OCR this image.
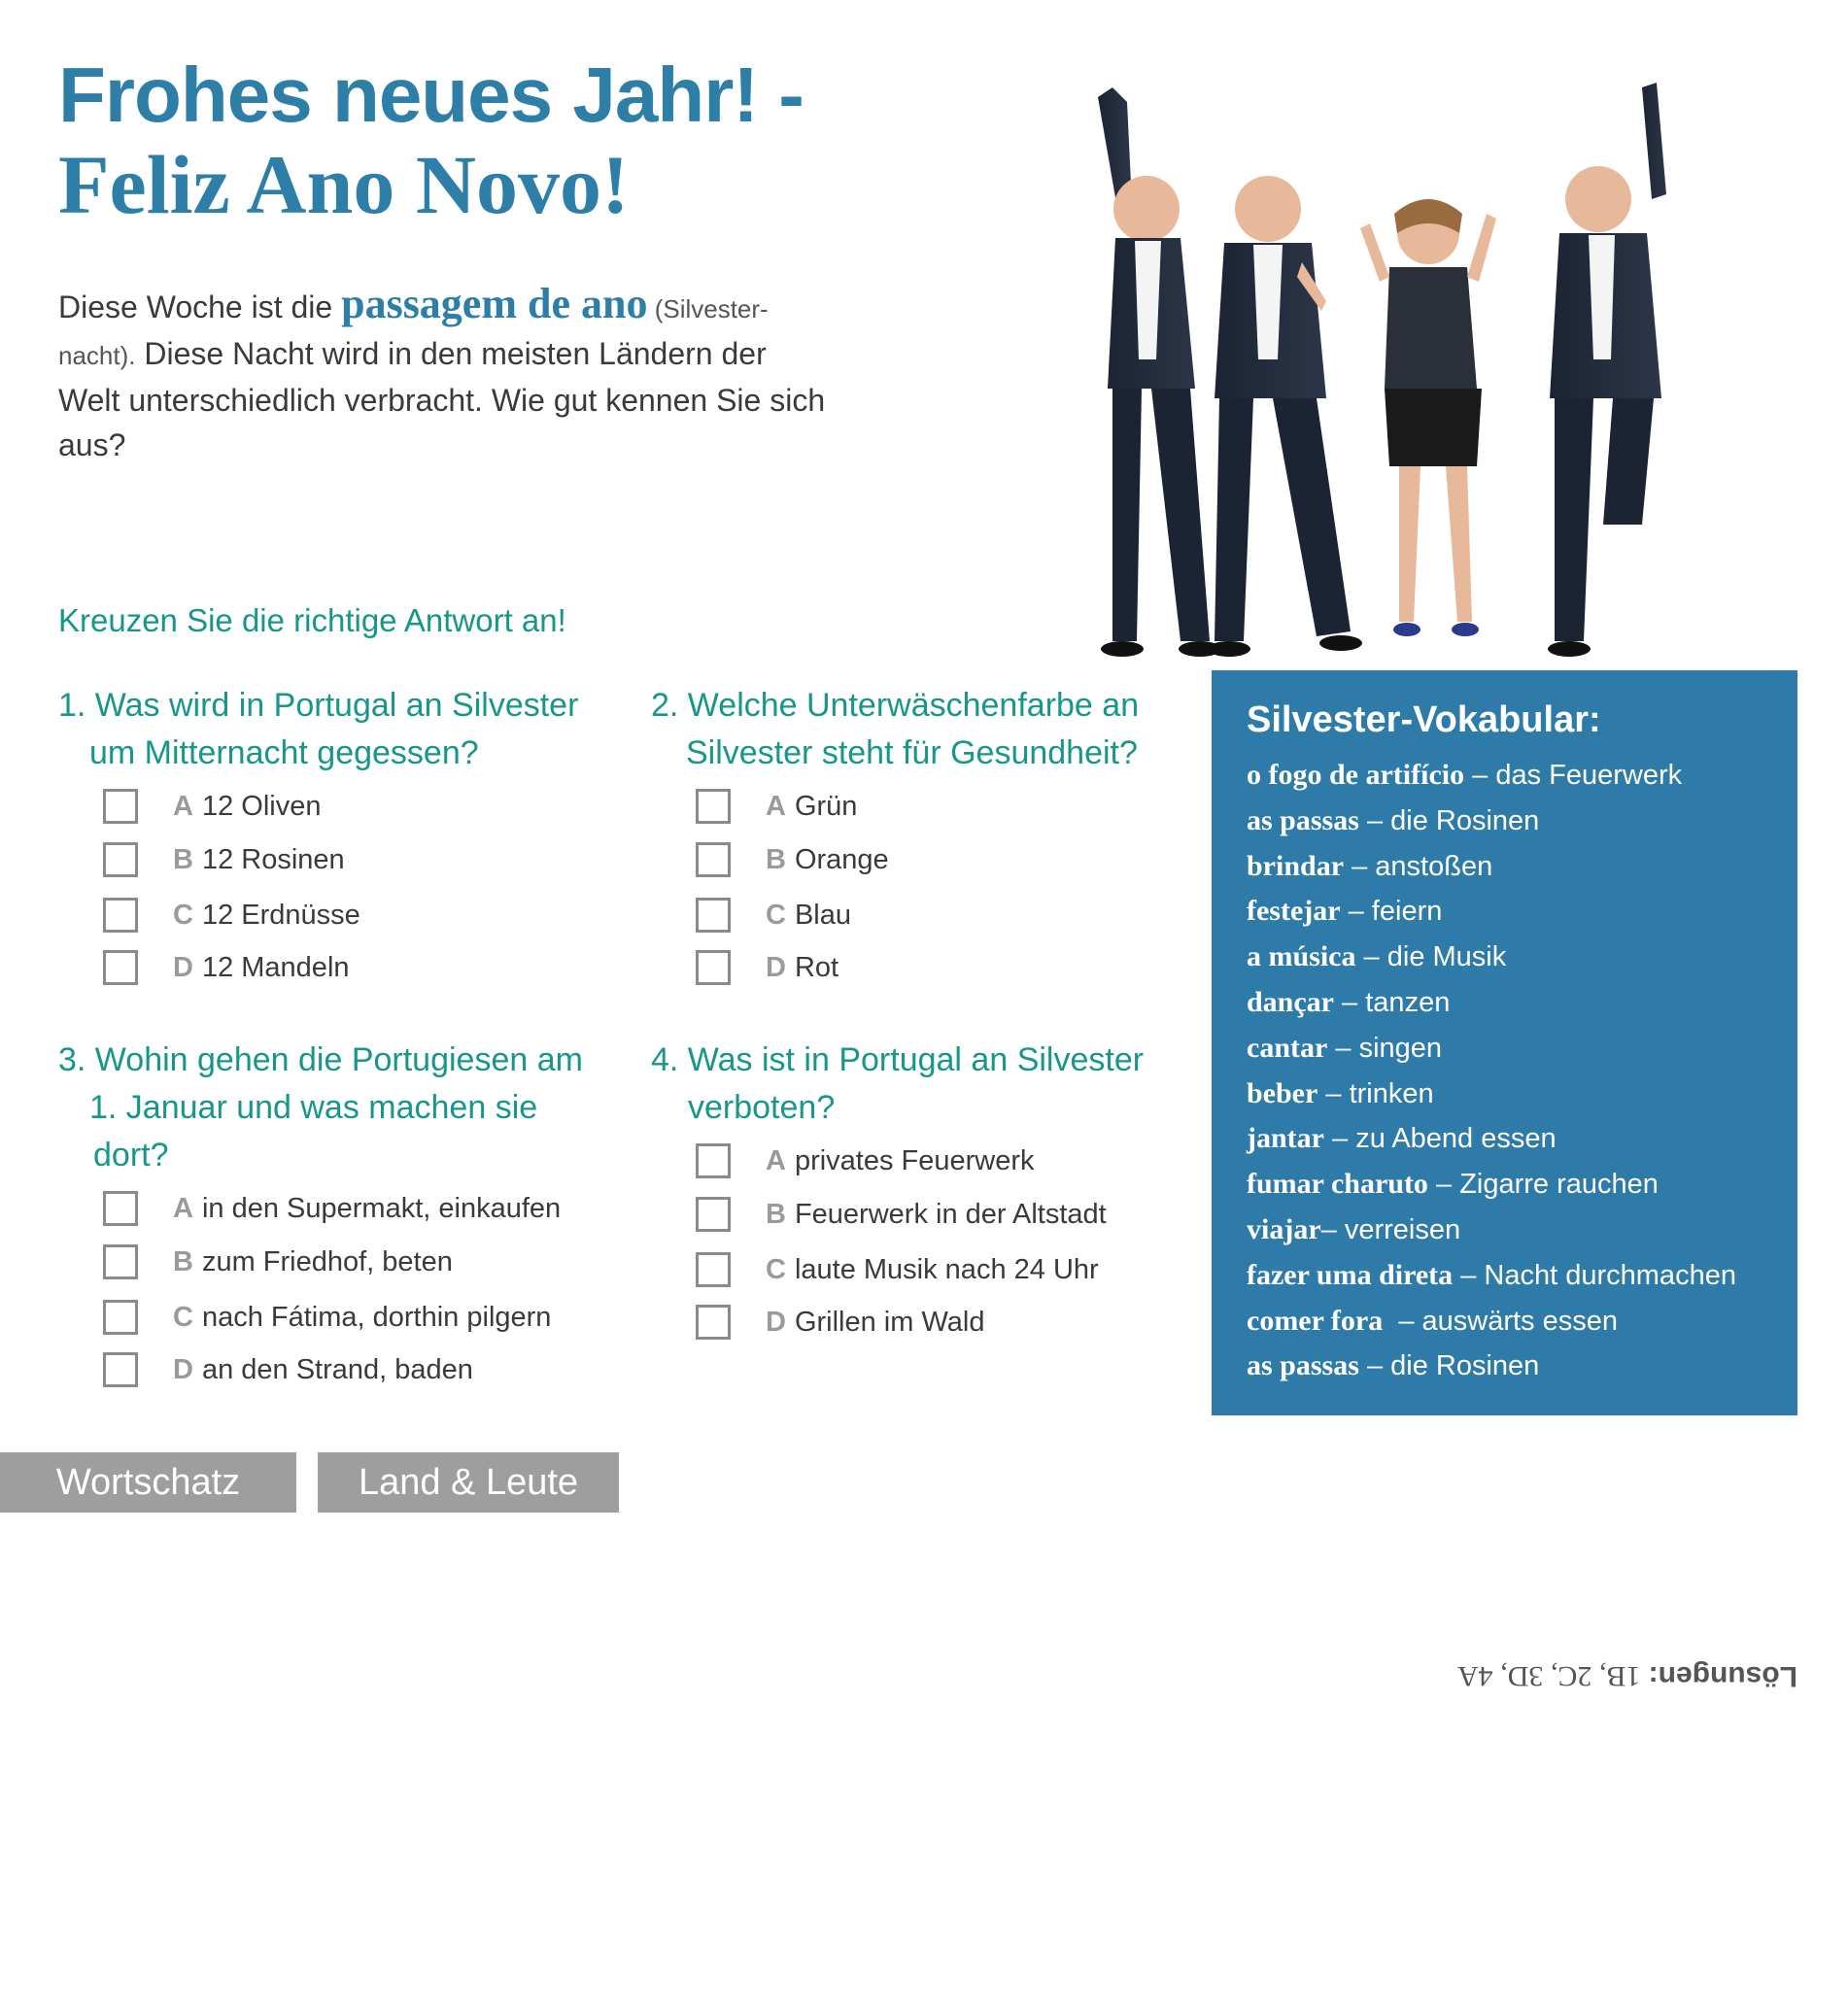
Frohes neues Jahr! -
Feliz Ano Novo!
Diese Woche ist die passagem de ano (Silvester-nacht). Diese Nacht wird in den meisten Ländern der Welt unterschiedlich verbracht. Wie gut kennen Sie sich aus?
Kreuzen Sie die richtige Antwort an!
1. Was wird in Portugal an Silvester
um Mitternacht gegessen?
A 12 Oliven
B 12 Rosinen
C 12 Erdnüsse
D 12 Mandeln
2. Welche Unterwäschenfarbe an
Silvester steht für Gesundheit?
A Grün
B Orange
C Blau
D Rot
3. Wohin gehen die Portugiesen am
1. Januar und was machen sie
dort?
A in den Supermakt, einkaufen
B zum Friedhof, beten
C nach Fátima, dorthin pilgern
D an den Strand, baden
4. Was ist in Portugal an Silvester
verboten?
A privates Feuerwerk
B Feuerwerk in der Altstadt
C laute Musik nach 24 Uhr
D Grillen im Wald
Silvester-Vokabular:
o fogo de artifício – das Feuerwerk
as passas – die Rosinen
brindar – anstoßen
festejar – feiern
a música – die Musik
dançar – tanzen
cantar – singen
beber – trinken
jantar – zu Abend essen
fumar charuto – Zigarre rauchen
viajar– verreisen
fazer uma direta – Nacht durchmachen
comer fora  – auswärts essen
as passas – die Rosinen
Wortschatz	Land & Leute
Lösungen: 1B, 2C, 3D, 4A
